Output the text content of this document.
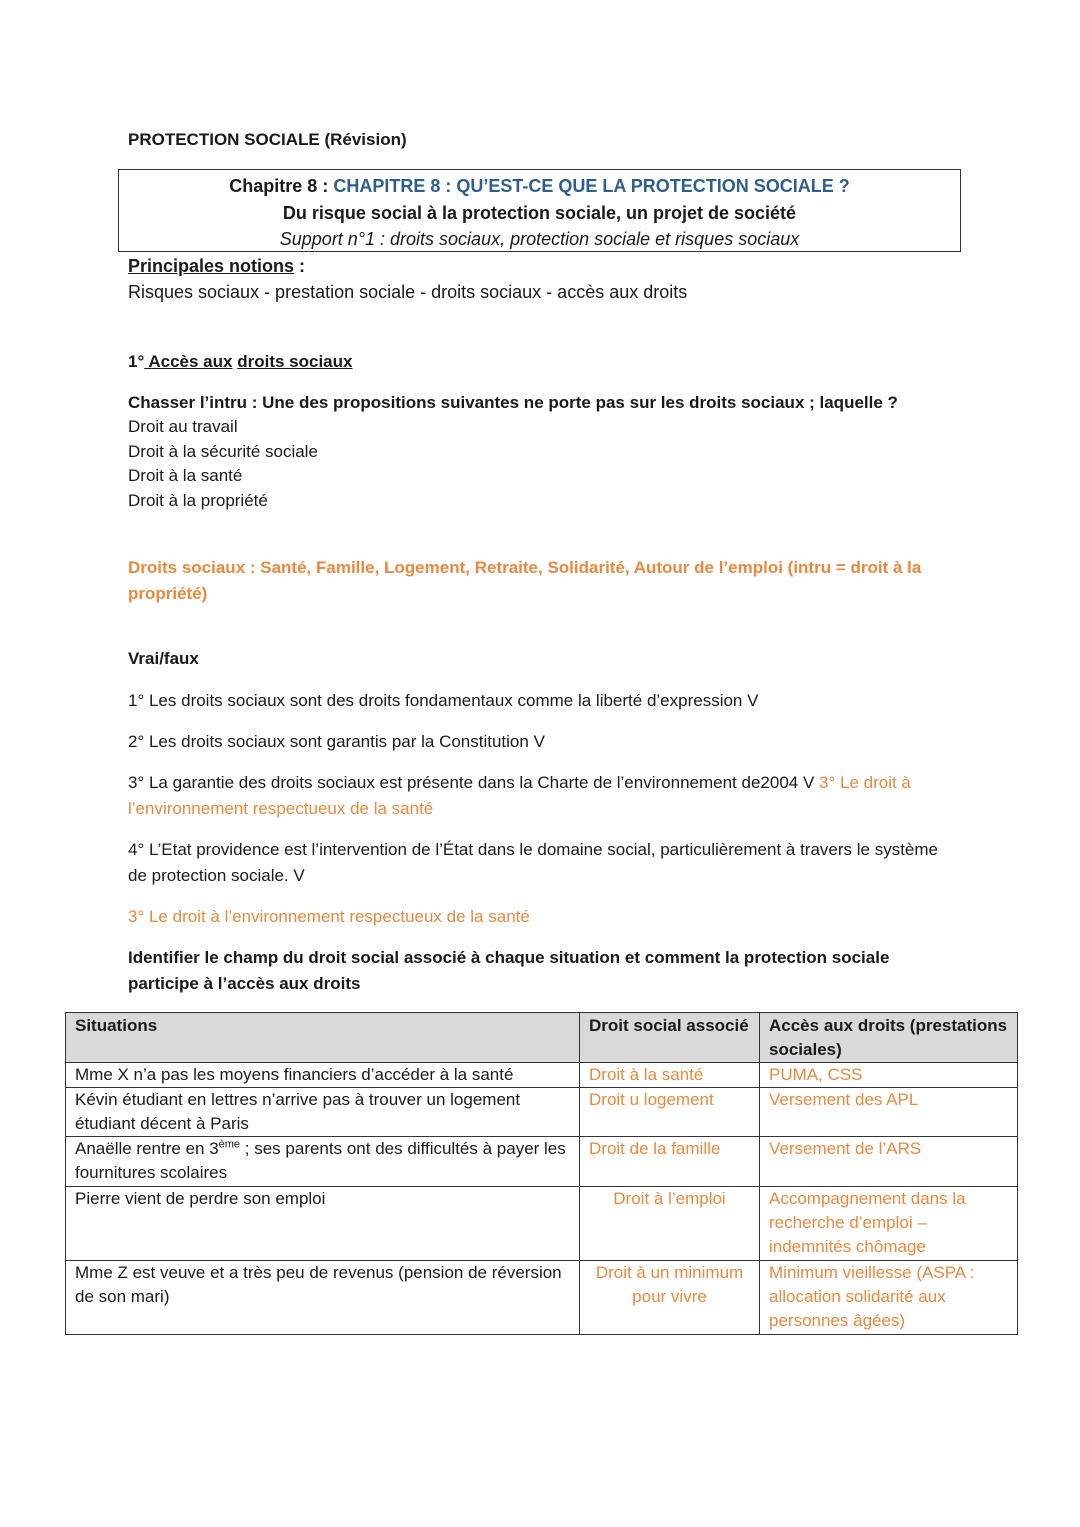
PROTECTION SOCIALE (Révision)
Chapitre 8 : CHAPITRE 8 : QU’EST-CE QUE LA PROTECTION SOCIALE ?
Du risque social à la protection sociale, un projet de société
Support n°1 : droits sociaux, protection sociale et risques sociaux
Principales notions :
Risques sociaux - prestation sociale - droits sociaux - accès aux droits
1° Accès aux droits sociaux
Chasser l’intru : Une des propositions suivantes ne porte pas sur les droits sociaux ; laquelle ?
Droit au travail
Droit à la sécurité sociale
Droit à la santé
Droit à la propriété
Droits sociaux : Santé, Famille, Logement, Retraite, Solidarité, Autour de l’emploi (intru = droit à la propriété)
Vrai/faux
1° Les droits sociaux sont des droits fondamentaux comme la liberté d’expression V
2° Les droits sociaux sont garantis par la Constitution V
3° La garantie des droits sociaux est présente dans la Charte de l’environnement de2004 V 3° Le droit à l’environnement respectueux de la santé
4° L’Etat providence est l’intervention de l’État dans le domaine social, particulièrement à travers le système de protection sociale. V
3° Le droit à l’environnement respectueux de la santé
Identifier le champ du droit social associé à chaque situation et comment la protection sociale participe à l’accès aux droits
Situations	Droit social associé	Accès aux droits (prestations sociales)
Mme X n’a pas les moyens financiers d’accéder à la santé	Droit à la santé	PUMA, CSS
Kévin étudiant en lettres n’arrive pas à trouver un logement étudiant décent à Paris	Droit u logement	Versement des APL
Anaëlle rentre en 3ème ; ses parents ont des difficultés à payer les fournitures scolaires	Droit de la famille	Versement de l’ARS
Pierre vient de perdre son emploi	Droit à l’emploi	Accompagnement dans la recherche d’emploi – indemnités chômage
Mme Z est veuve et a très peu de revenus (pension de réversion de son mari)	Droit à un minimum pour vivre	Minimum vieillesse (ASPA : allocation solidarité aux personnes âgées)
